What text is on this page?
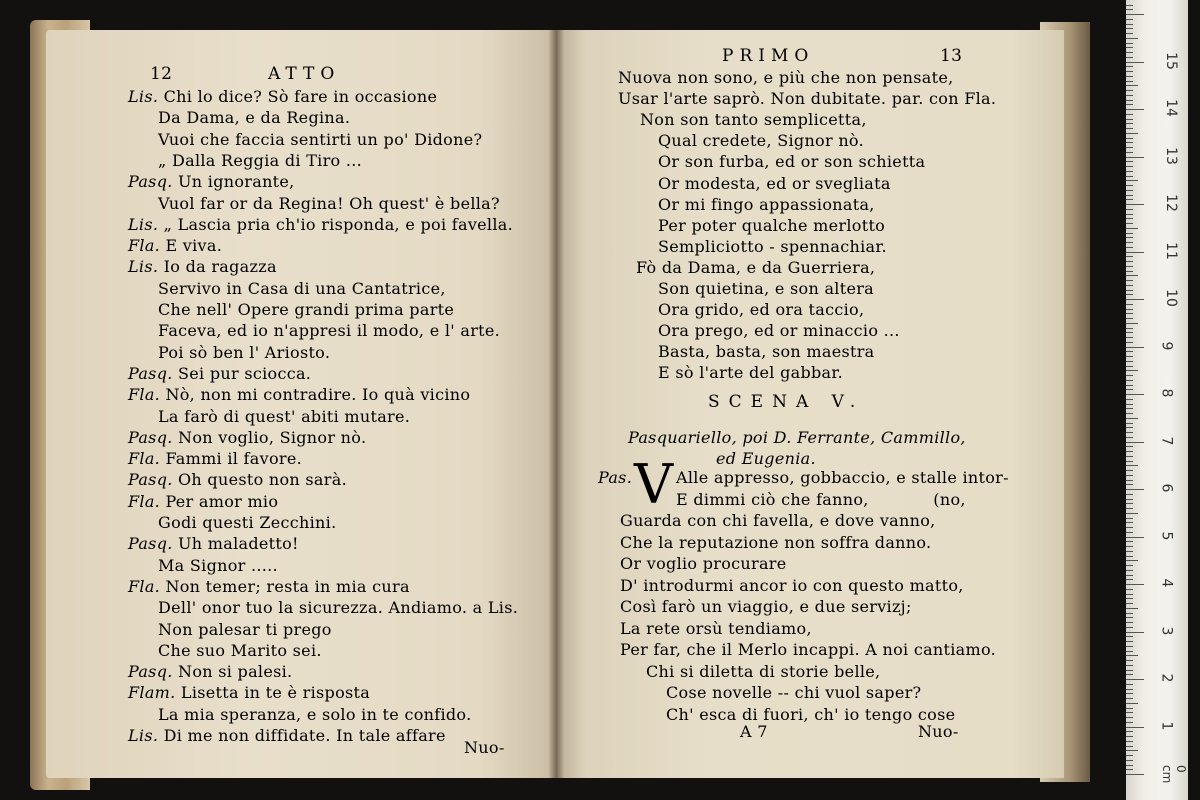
12	ATTO
Lis. Chi lo dice? Sò fare in occasione
Da Dama, e da Regina.
Vuoi che faccia sentirti un po' Didone?
„ Dalla Reggia di Tiro ...
Pasq. Un ignorante,
Vuol far or da Regina! Oh quest' è bella?
Lis. „ Lascia pria ch'io risponda, e poi favella.
Fla. E viva.
Lis. Io da ragazza
Servivo in Casa di una Cantatrice,
Che nell' Opere grandi prima parte
Faceva, ed io n'appresi il modo, e l' arte.
Poi sò ben l' Ariosto.
Pasq. Sei pur sciocca.
Fla. Nò, non mi contradire. Io quà vicino
La farò di quest' abiti mutare.
Pasq. Non voglio, Signor nò.
Fla. Fammi il favore.
Pasq. Oh questo non sarà.
Fla. Per amor mio
Godi questi Zecchini.
Pasq. Uh maladetto!
Ma Signor .....
Fla. Non temer; resta in mia cura
Dell' onor tuo la sicurezza. Andiamo. a Lis.
Non palesar ti prego
Che suo Marito sei.
Pasq. Non si palesi.
Flam. Lisetta in te è risposta
La mia speranza, e solo in te confido.
Lis. Di me non diffidate. In tale affare
Nuo-
PRIMO	13
Nuova non sono, e più che non pensate,
Usar l'arte saprò. Non dubitate. par. con Fla.
Non son tanto semplicetta,
Qual credete, Signor nò.
Or son furba, ed or son schietta
Or modesta, ed or svegliata
Or mi fingo appassionata,
Per poter qualche merlotto
Sempliciotto - spennachiar.
Fò da Dama, e da Guerriera,
Son quietina, e son altera
Ora grido, ed ora taccio,
Ora prego, ed or minaccio ...
Basta, basta, son maestra
E sò l'arte del gabbar.
SCENA V.
Pasquariello, poi D. Ferrante, Cammillo,
ed Eugenia.
Pas. V Alle appresso, gobbaccio, e stalle intor-
E dimmi ciò che fanno,            (no,
Guarda con chi favella, e dove vanno,
Che la reputazione non soffra danno.
Or voglio procurare
D' introdurmi ancor io con questo matto,
Così farò un viaggio, e due servizj;
La rete orsù tendiamo,
Per far, che il Merlo incappi. A noi cantiamo.
Chi si diletta di storie belle,
Cose novelle -- chi vuol saper?
Ch' esca di fuori, ch' io tengo cose
A 7	Nuo-
0 cm
1
2
3
4
5
6
7
8
9
10
11
12
13
14
15
